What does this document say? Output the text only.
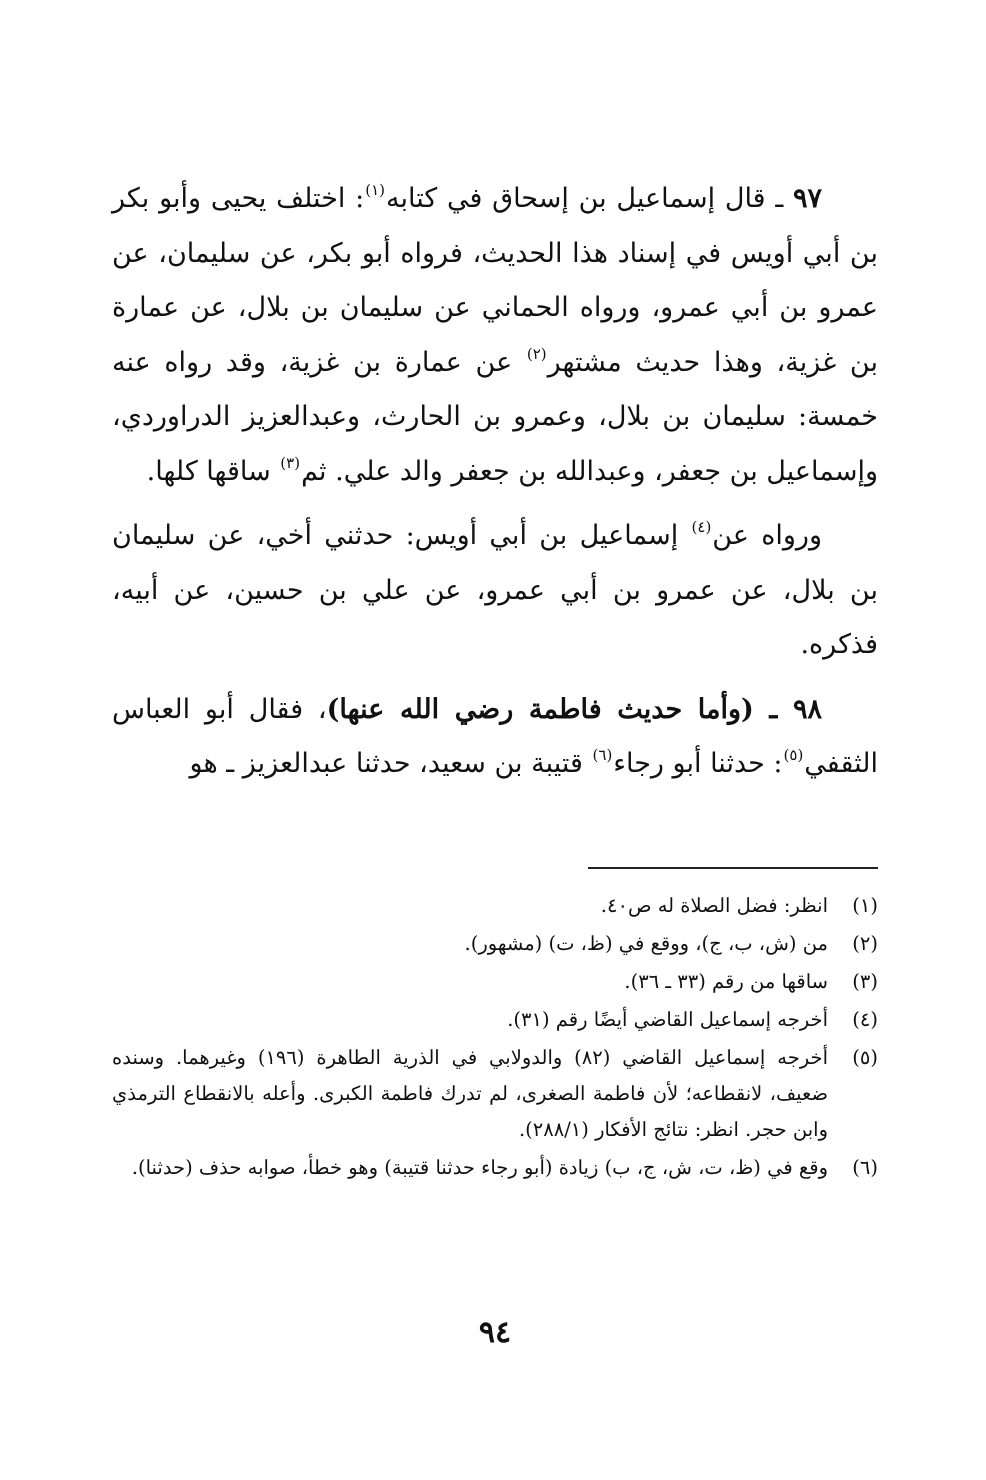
٩٧ ـ قال إسماعيل بن إسحاق في كتابه$^{(١)}$: اختلف يحيى وأبو بكر بن أبي أويس في إسناد هذا الحديث، فرواه أبو بكر، عن سليمان، عن عمرو بن أبي عمرو، ورواه الحماني عن سليمان بن بلال، عن عمارة بن غزية، وهذا حديث مشتهر$^{(٢)}$ عن عمارة بن غزية، وقد رواه عنه خمسة: سليمان بن بلال، وعمرو بن الحارث، وعبدالعزيز الدراوردي، وإسماعيل بن جعفر، وعبدالله بن جعفر والد علي. ثم$^{(٣)}$ ساقها كلها.

ورواه عن$^{(٤)}$ إسماعيل بن أبي أويس: حدثني أخي، عن سليمان بن بلال، عن عمرو بن أبي عمرو، عن علي بن حسين، عن أبيه، فذكره.

٩٨ ـ (وأما حديث فاطمة رضي الله عنها)، فقال أبو العباس الثقفي$^{(٥)}$: حدثنا أبو رجاء$^{(٦)}$ قتيبة بن سعيد، حدثنا عبدالعزيز ـ هو

(١)
انظر: فضل الصلاة له ص٤٠.
(٢)
من (ش، ب، ج)، ووقع في (ظ، ت) (مشهور).
(٣)
ساقها من رقم (٣٣ ـ ٣٦).
(٤)
أخرجه إسماعيل القاضي أيضًا رقم (٣١).
(٥)
أخرجه إسماعيل القاضي (٨٢) والدولابي في الذرية الطاهرة (١٩٦) وغيرهما. وسنده ضعيف، لانقطاعه؛ لأن فاطمة الصغرى، لم تدرك فاطمة الكبرى. وأعله بالانقطاع الترمذي وابن حجر. انظر: نتائج الأفكار (٢٨٨/١).
(٦)
وقع في (ظ، ت، ش، ج، ب) زيادة (أبو رجاء حدثنا قتيبة) وهو خطأ، صوابه حذف (حدثنا).
٩٤
